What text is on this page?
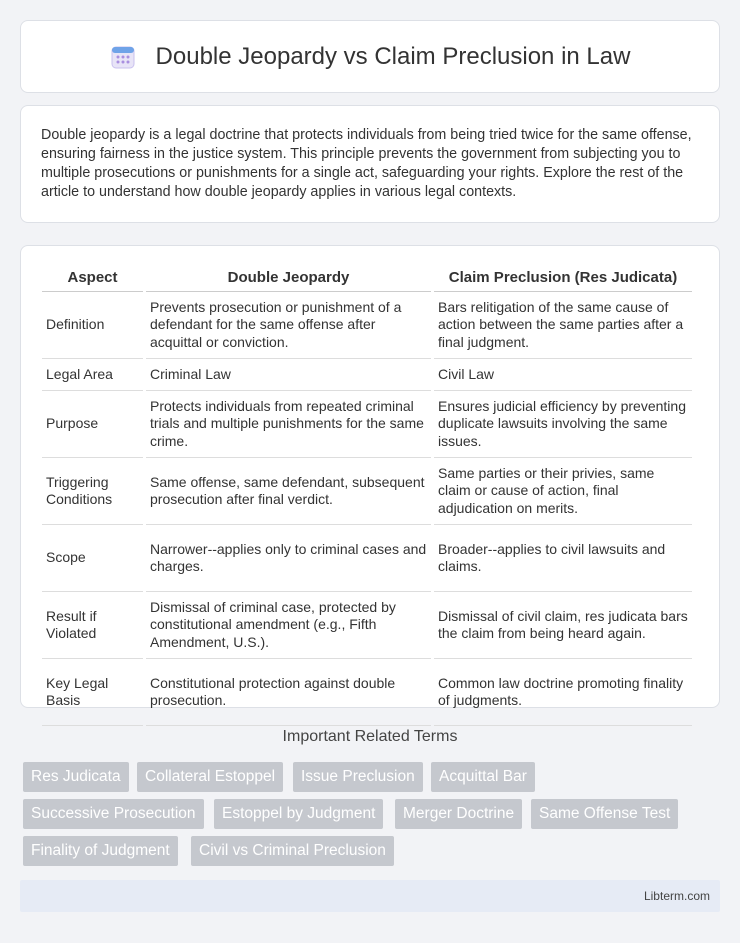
Double Jeopardy vs Claim Preclusion in Law

Double jeopardy is a legal doctrine that protects individuals from being tried twice for the same offense, ensuring fairness in the justice system. This principle prevents the government from subjecting you to multiple prosecutions or punishments for a single act, safeguarding your rights. Explore the rest of the article to understand how double jeopardy applies in various legal contexts.

Aspect	Double Jeopardy	Claim Preclusion (Res Judicata)
Definition	Prevents prosecution or punishment of a defendant for the same offense after acquittal or conviction.	Bars relitigation of the same cause of action between the same parties after a final judgment.
Legal Area	Criminal Law	Civil Law
Purpose	Protects individuals from repeated criminal trials and multiple punishments for the same crime.	Ensures judicial efficiency by preventing duplicate lawsuits involving the same issues.
Triggering Conditions	Same offense, same defendant, subsequent prosecution after final verdict.	Same parties or their privies, same claim or cause of action, final adjudication on merits.
Scope	Narrower--applies only to criminal cases and charges.	Broader--applies to civil lawsuits and claims.
Result if Violated	Dismissal of criminal case, protected by constitutional amendment (e.g., Fifth Amendment, U.S.).	Dismissal of civil claim, res judicata bars the claim from being heard again.
Key Legal Basis	Constitutional protection against double prosecution.	Common law doctrine promoting finality of judgments.
Important Related Terms
Res Judicata	Collateral Estoppel	Issue Preclusion	Acquittal Bar
Successive Prosecution	Estoppel by Judgment	Merger Doctrine	Same Offense Test
Finality of Judgment	Civil vs Criminal Preclusion
Libterm.com
